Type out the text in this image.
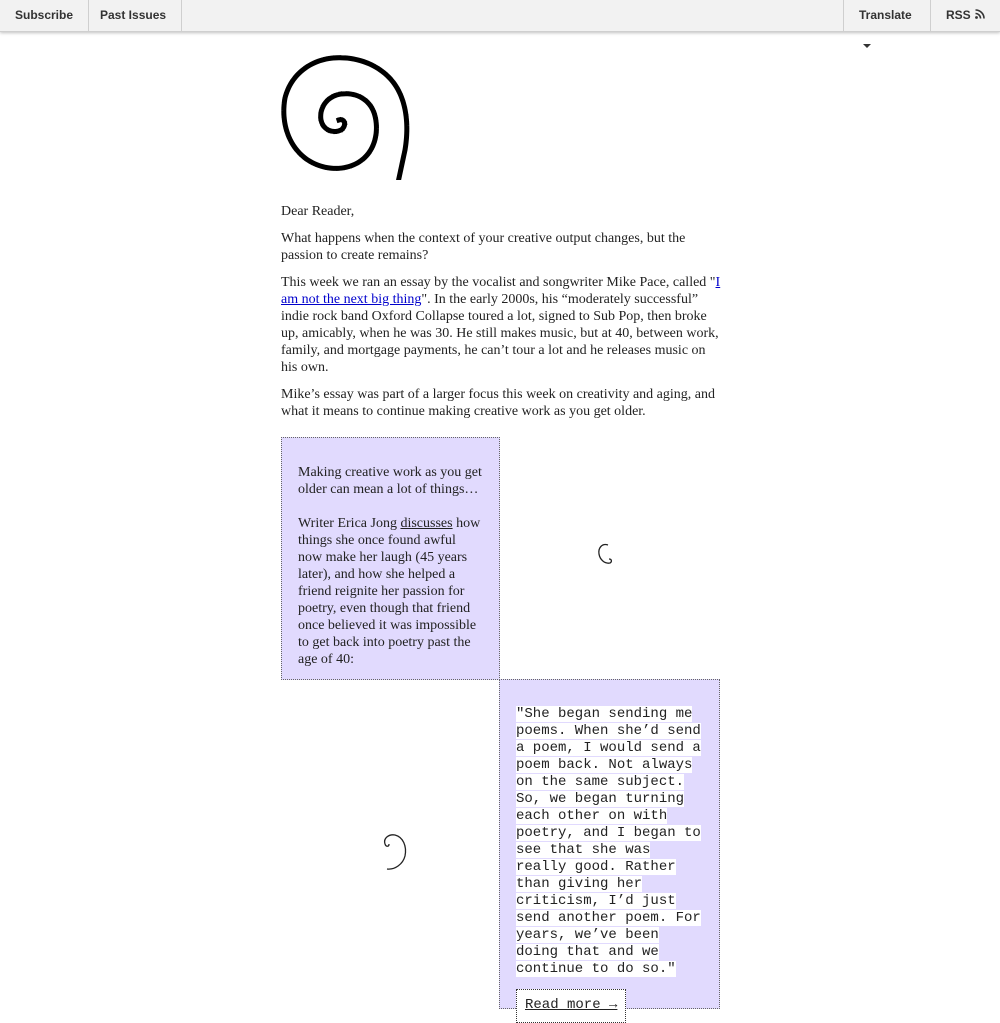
Subscribe	Past Issues	Translate	RSS

Dear Reader,

What happens when the context of your creative output changes, but the passion to create remains?

This week we ran an essay by the vocalist and songwriter Mike Pace, called "I am not the next big thing". In the early 2000s, his “moderately successful” indie rock band Oxford Collapse toured a lot, signed to Sub Pop, then broke up, amicably, when he was 30. He still makes music, but at 40, between work, family, and mortgage payments, he can’t tour a lot and he releases music on his own.

Mike’s essay was part of a larger focus this week on creativity and aging, and what it means to continue making creative work as you get older.

Making creative work as you get older can mean a lot of things…

Writer Erica Jong discusses how things she once found awful now make her laugh (45 years later), and how she helped a friend reignite her passion for poetry, even though that friend once believed it was impossible to get back into poetry past the age of 40:

"She began sending me poems. When she’d send a poem, I would send a poem back. Not always on the same subject. So, we began turning each other on with poetry, and I began to see that she was really good. Rather than giving her criticism, I’d just send another poem. For years, we’ve been doing that and we continue to do so."
Read more →
